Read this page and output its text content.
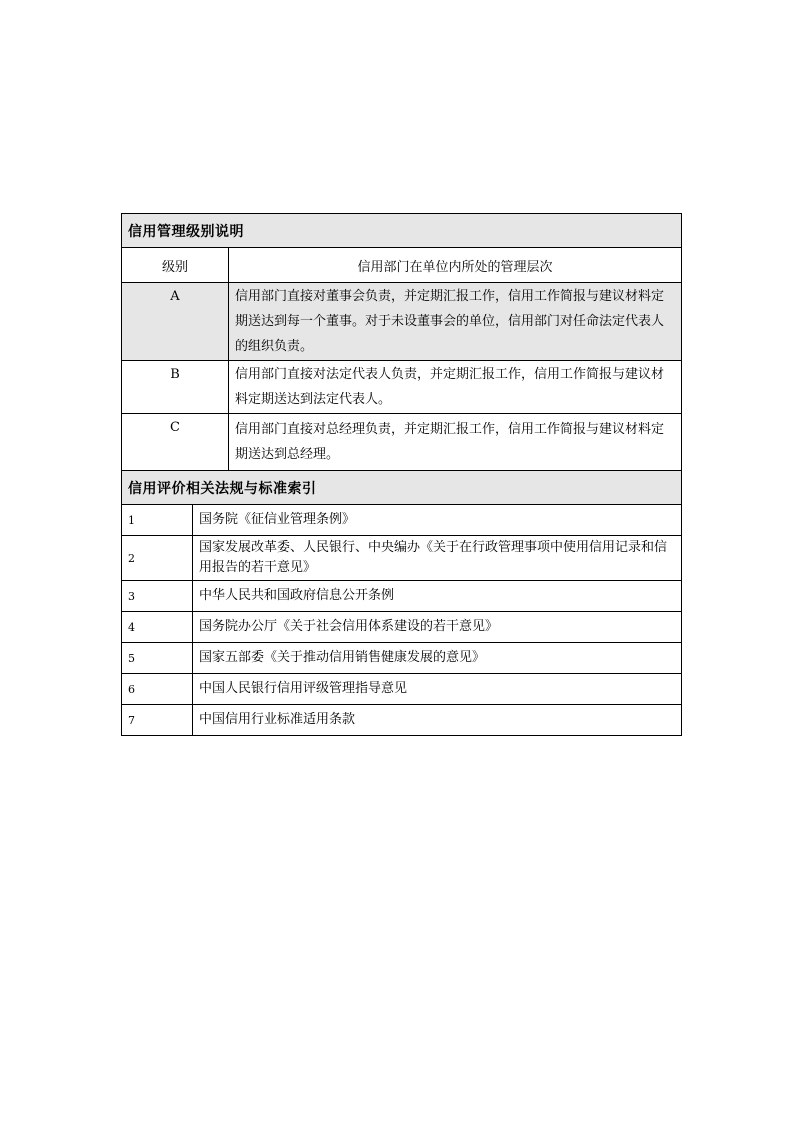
信用管理级别说明		
级别		信用部门在单位内所处的管理层次
A		信用部门直接对董事会负责，并定期汇报工作，信用工作简报与建议材料定期送达到每一个董事。对于未设董事会的单位，信用部门对任命法定代表人的组织负责。
B		信用部门直接对法定代表人负责，并定期汇报工作，信用工作简报与建议材料定期送达到法定代表人。
C		信用部门直接对总经理负责，并定期汇报工作，信用工作简报与建议材料定期送达到总经理。
信用评价相关法规与标准索引		
1	国务院《征信业管理条例》	
2	国家发展改革委、人民银行、中央编办《关于在行政管理事项中使用信用记录和信用报告的若干意见》	
3	中华人民共和国政府信息公开条例	
4	国务院办公厅《关于社会信用体系建设的若干意见》	
5	国家五部委《关于推动信用销售健康发展的意见》	
6	中国人民银行信用评级管理指导意见	
7	中国信用行业标准适用条款	
